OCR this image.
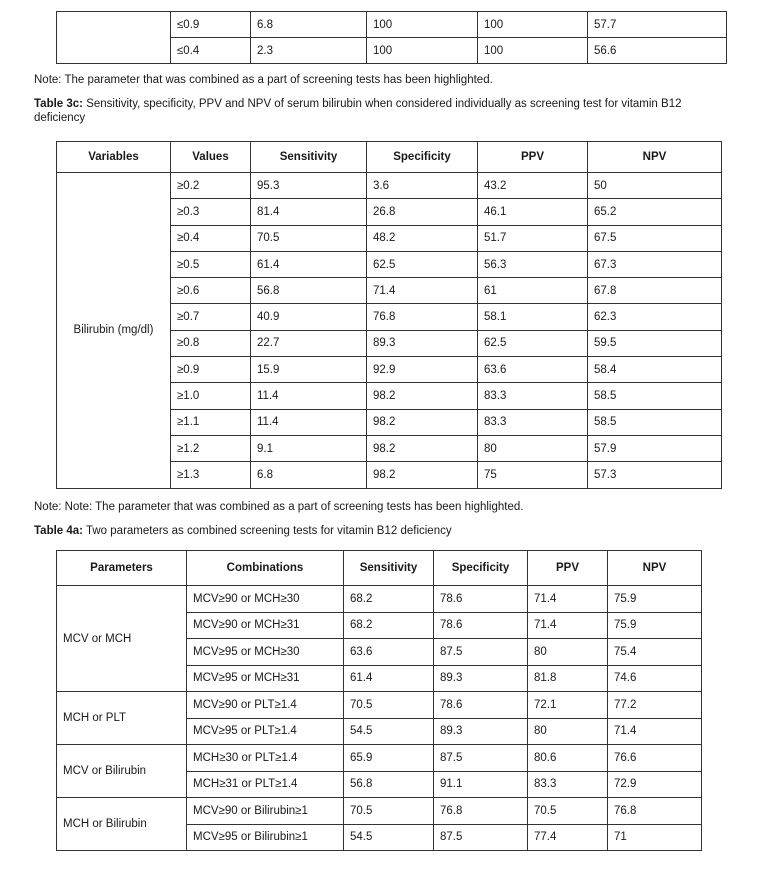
	≤0.9	6.8	100	100	57.7
	≤0.4	2.3	100	100	56.6

Note: The parameter that was combined as a part of screening tests has been highlighted.

Table 3c: Sensitivity, specificity, PPV and NPV of serum bilirubin when considered individually as screening test for vitamin B12 deficiency

Variables	Values	Sensitivity	Specificity	PPV	NPV
Bilirubin (mg/dl)	≥0.2	95.3	3.6	43.2	50
	≥0.3	81.4	26.8	46.1	65.2
	≥0.4	70.5	48.2	51.7	67.5
	≥0.5	61.4	62.5	56.3	67.3
	≥0.6	56.8	71.4	61	67.8
	≥0.7	40.9	76.8	58.1	62.3
	≥0.8	22.7	89.3	62.5	59.5
	≥0.9	15.9	92.9	63.6	58.4
	≥1.0	11.4	98.2	83.3	58.5
	≥1.1	11.4	98.2	83.3	58.5
	≥1.2	9.1	98.2	80	57.9
	≥1.3	6.8	98.2	75	57.3

Note: Note: The parameter that was combined as a part of screening tests has been highlighted.

Table 4a: Two parameters as combined screening tests for vitamin B12 deficiency

Parameters	Combinations	Sensitivity	Specificity	PPV	NPV
MCV or MCH	MCV≥90 or MCH≥30	68.2	78.6	71.4	75.9
	MCV≥90 or MCH≥31	68.2	78.6	71.4	75.9
	MCV≥95 or MCH≥30	63.6	87.5	80	75.4
	MCV≥95 or MCH≥31	61.4	89.3	81.8	74.6
MCH or PLT	MCV≥90 or PLT≥1.4	70.5	78.6	72.1	77.2
	MCV≥95 or PLT≥1.4	54.5	89.3	80	71.4
MCV or Bilirubin	MCH≥30 or PLT≥1.4	65.9	87.5	80.6	76.6
	MCH≥31 or PLT≥1.4	56.8	91.1	83.3	72.9
MCH or Bilirubin	MCV≥90 or Bilirubin≥1	70.5	76.8	70.5	76.8
	MCV≥95 or Bilirubin≥1	54.5	87.5	77.4	71
